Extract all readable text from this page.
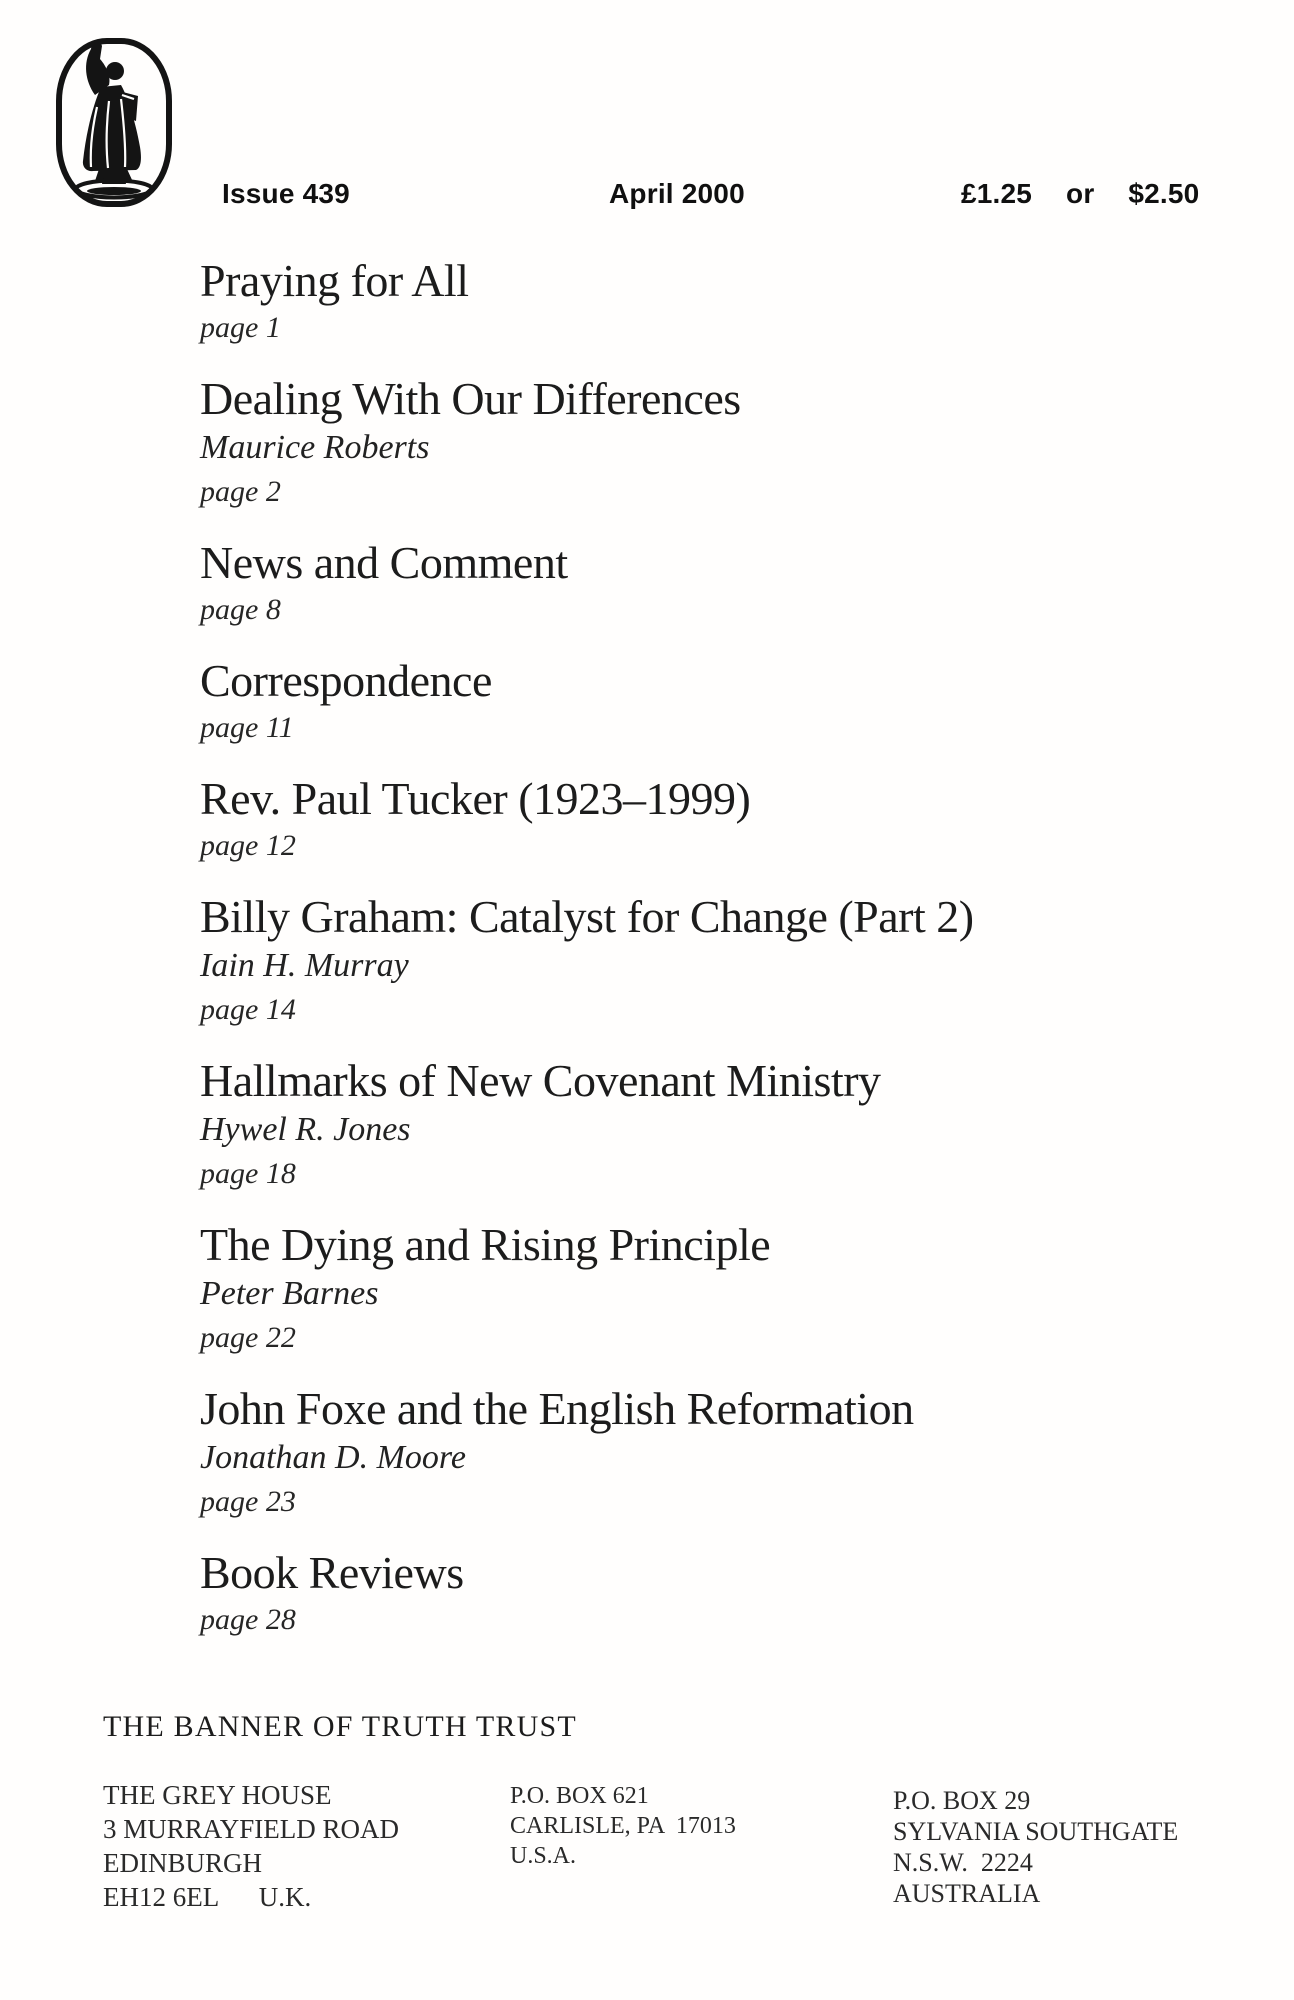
Issue 439	April 2000	£1.25  or  $2.50
Praying for All
page 1
Dealing With Our Differences
Maurice Roberts
page 2
News and Comment
page 8
Correspondence
page 11
Rev. Paul Tucker (1923–1999)
page 12
Billy Graham: Catalyst for Change (Part 2)
Iain H. Murray
page 14
Hallmarks of New Covenant Ministry
Hywel R. Jones
page 18
The Dying and Rising Principle
Peter Barnes
page 22
John Foxe and the English Reformation
Jonathan D. Moore
page 23
Book Reviews
page 28
THE BANNER OF TRUTH TRUST
THE GREY HOUSE
3 MURRAYFIELD ROAD
EDINBURGH
EH12 6EL      U.K.
P.O. BOX 621
CARLISLE, PA  17013
U.S.A.
P.O. BOX 29
SYLVANIA SOUTHGATE
N.S.W.  2224
AUSTRALIA
